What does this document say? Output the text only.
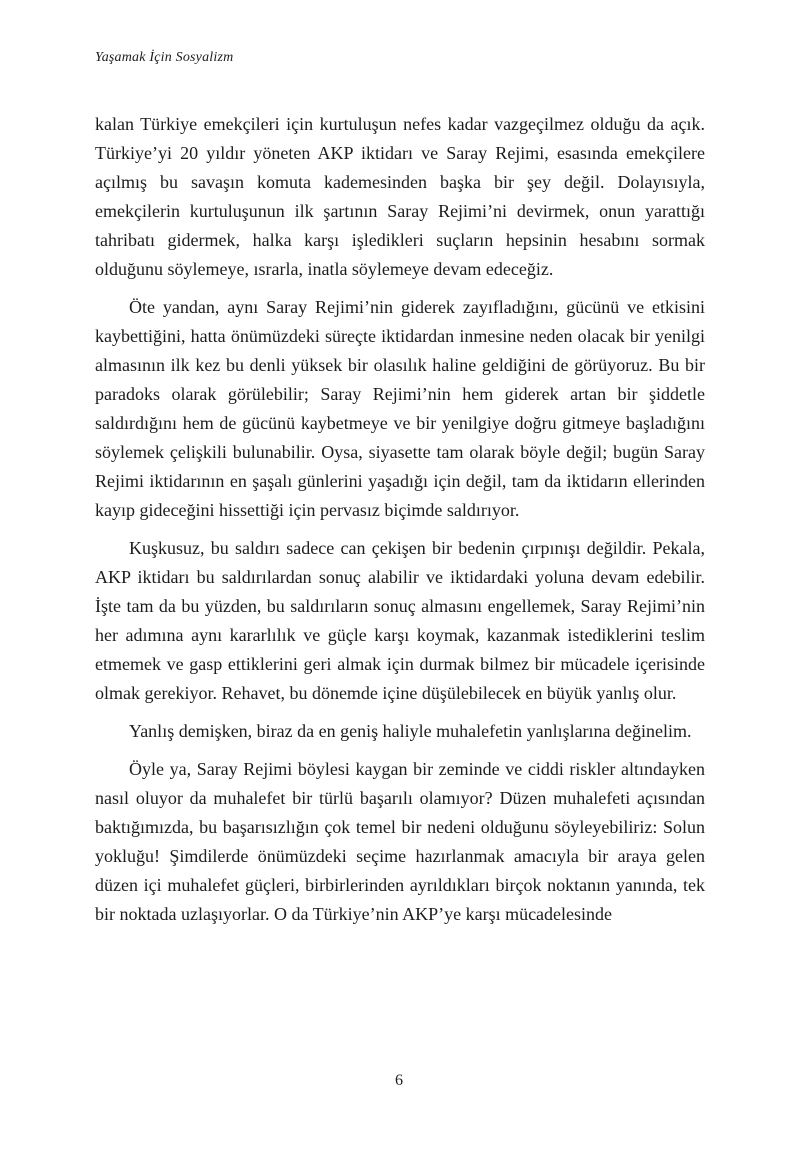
Yaşamak İçin Sosyalizm

kalan Türkiye emekçileri için kurtuluşun nefes kadar vazgeçilmez olduğu da açık. Türkiye’yi 20 yıldır yöneten AKP iktidarı ve Saray Rejimi, esasında emekçilere açılmış bu savaşın komuta kademesinden başka bir şey değil. Dolayısıyla, emekçilerin kurtuluşunun ilk şartının Saray Rejimi’ni devirmek, onun yarattığı tahribatı gidermek, halka karşı işledikleri suçların hepsinin hesabını sormak olduğunu söylemeye, ısrarla, inatla söylemeye devam edeceğiz.

Öte yandan, aynı Saray Rejimi’nin giderek zayıfladığını, gücünü ve etkisini kaybettiğini, hatta önümüzdeki süreçte iktidardan inmesine neden olacak bir yenilgi almasının ilk kez bu denli yüksek bir olasılık haline geldiğini de görüyoruz. Bu bir paradoks olarak görülebilir; Saray Rejimi’nin hem giderek artan bir şiddetle saldırdığını hem de gücünü kaybetmeye ve bir yenilgiye doğru gitmeye başladığını söylemek çelişkili bulunabilir. Oysa, siyasette tam olarak böyle değil; bugün Saray Rejimi iktidarının en şaşalı günlerini yaşadığı için değil, tam da iktidarın ellerinden kayıp gideceğini hissettiği için pervasız biçimde saldırıyor.

Kuşkusuz, bu saldırı sadece can çekişen bir bedenin çırpınışı değildir. Pekala, AKP iktidarı bu saldırılardan sonuç alabilir ve iktidardaki yoluna devam edebilir. İşte tam da bu yüzden, bu saldırıların sonuç almasını engellemek, Saray Rejimi’nin her adımına aynı kararlılık ve güçle karşı koymak, kazanmak istediklerini teslim etmemek ve gasp ettiklerini geri almak için durmak bilmez bir mücadele içerisinde olmak gerekiyor. Rehavet, bu dönemde içine düşülebilecek en büyük yanlış olur.

Yanlış demişken, biraz da en geniş haliyle muhalefetin yanlışlarına değinelim.

Öyle ya, Saray Rejimi böylesi kaygan bir zeminde ve ciddi riskler altındayken nasıl oluyor da muhalefet bir türlü başarılı olamıyor? Düzen muhalefeti açısından baktığımızda, bu başarısızlığın çok temel bir nedeni olduğunu söyleyebiliriz: Solun yokluğu! Şimdilerde önümüzdeki seçime hazırlanmak amacıyla bir araya gelen düzen içi muhalefet güçleri, birbirlerinden ayrıldıkları birçok noktanın yanında, tek bir noktada uzlaşıyorlar. O da Türkiye’nin AKP’ye karşı mücadelesinde

6
